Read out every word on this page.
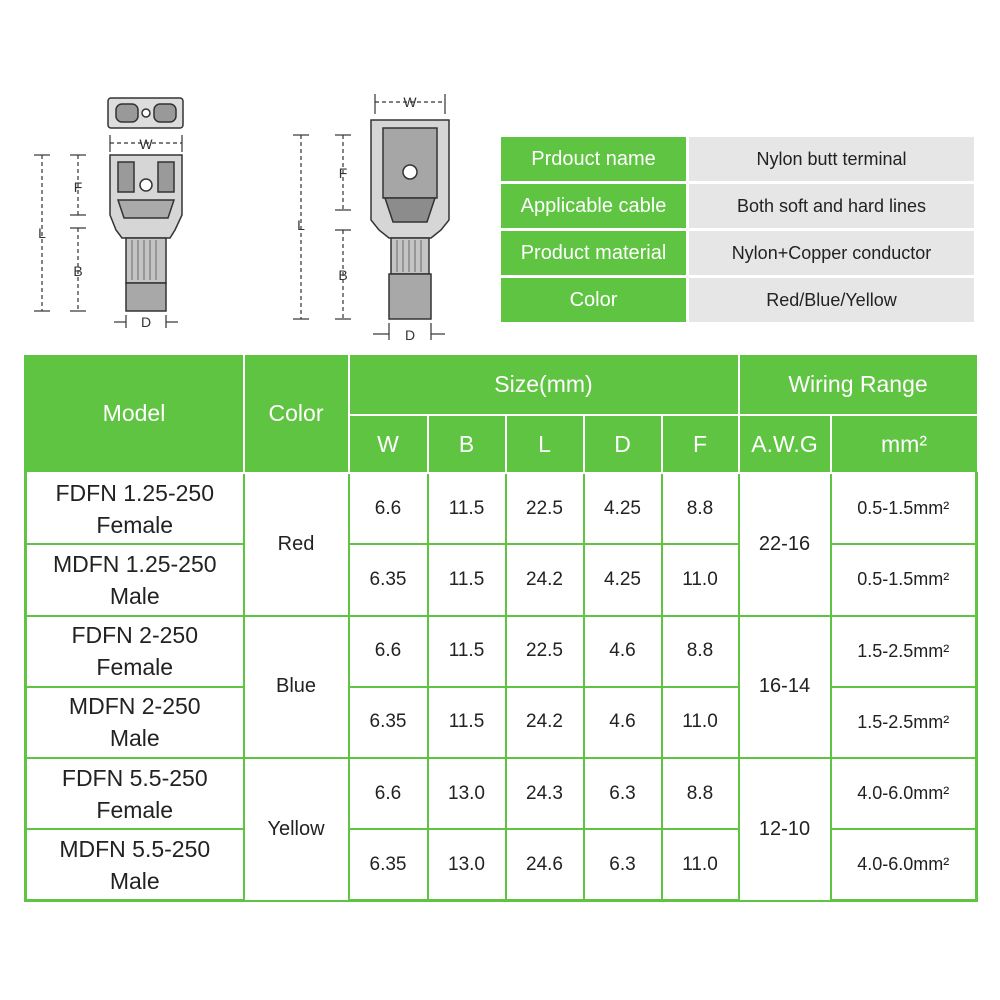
W
L
F
B
D
W
L
F
B
D
Prdouct name	Nylon butt terminal
Applicable cable	Both soft and hard lines
Product material	Nylon+Copper conductor
Color	Red/Blue/Yellow
Model	Color	Size(mm)					Wiring Range	
		W	B	L	D	F	A.W.G	mm²

FDFN 1.25-250
Female	Red	6.6	11.5	22.5	4.25	8.8	22-16	0.5-1.5mm²

MDFN 1.25-250
Male		6.35	11.5	24.2	4.25	11.0		0.5-1.5mm²

FDFN 2-250
Female	Blue	6.6	11.5	22.5	4.6	8.8	16-14	1.5-2.5mm²

MDFN 2-250
Male		6.35	11.5	24.2	4.6	11.0		1.5-2.5mm²

FDFN 5.5-250
Female	Yellow	6.6	13.0	24.3	6.3	8.8	12-10	4.0-6.0mm²

MDFN 5.5-250
Male		6.35	13.0	24.6	6.3	11.0		4.0-6.0mm²
